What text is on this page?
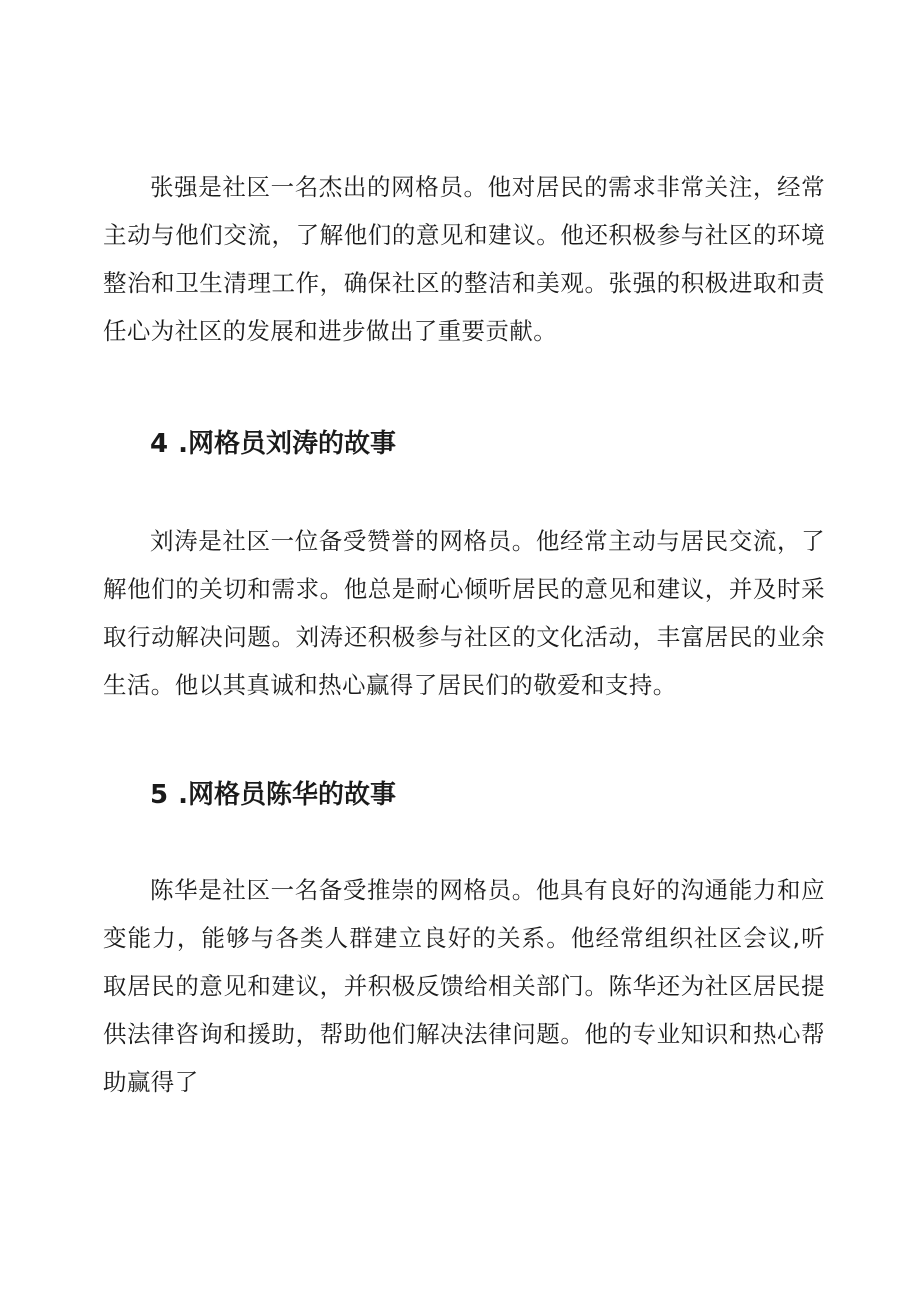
张强是社区一名杰出的网格员。他对居民的需求非常关注，经常主动与他们交流，了解他们的意见和建议。他还积极参与社区的环境整治和卫生清理工作，确保社区的整洁和美观。张强的积极进取和责任心为社区的发展和进步做出了重要贡献。

4 .网格员刘涛的故事

刘涛是社区一位备受赞誉的网格员。他经常主动与居民交流，了解他们的关切和需求。他总是耐心倾听居民的意见和建议，并及时采取行动解决问题。刘涛还积极参与社区的文化活动，丰富居民的业余生活。他以其真诚和热心赢得了居民们的敬爱和支持。

5 .网格员陈华的故事

陈华是社区一名备受推崇的网格员。他具有良好的沟通能力和应变能力，能够与各类人群建立良好的关系。他经常组织社区会议,听取居民的意见和建议，并积极反馈给相关部门。陈华还为社区居民提供法律咨询和援助，帮助他们解决法律问题。他的专业知识和热心帮助赢得了
